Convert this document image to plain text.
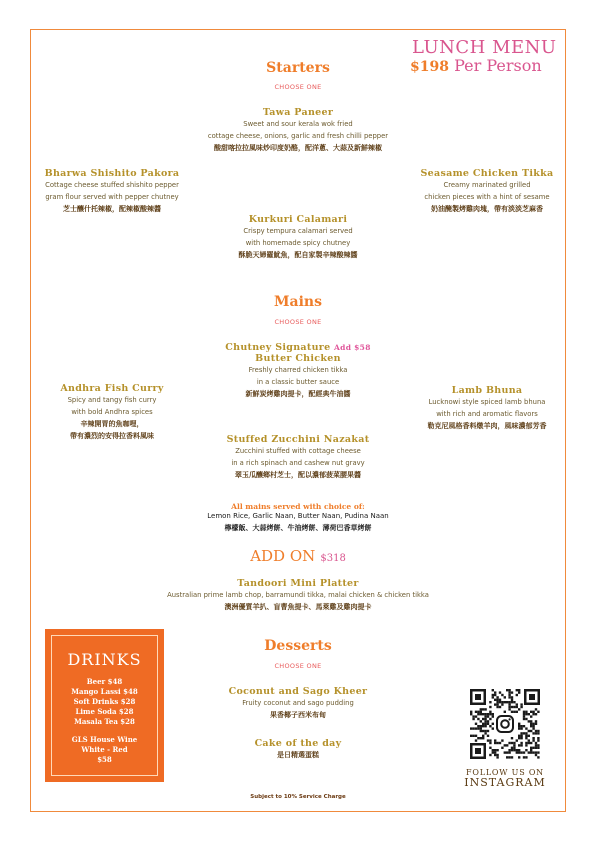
LUNCH MENU
$198 Per Person
Starters
CHOOSE ONE
Tawa Paneer
Sweet and sour kerala wok fried
cottage cheese, onions, garlic and fresh chilli pepper
酸甜喀拉拉風味炒印度奶酪，配洋蔥、大蒜及新鮮辣椒
Bharwa Shishito Pakora
Cottage cheese stuffed shishito pepper
gram flour served with pepper chutney
芝士釀什托辣椒，配辣椒酸辣醬
Seasame Chicken Tikka
Creamy marinated grilled
chicken pieces with a hint of sesame
奶油醃製烤雞肉塊，帶有淡淡芝麻香
Kurkuri Calamari
Crispy tempura calamari served
with homemade spicy chutney
酥脆天婦羅魷魚，配自家製辛辣酸辣醬
Mains
CHOOSE ONE
Chutney Signature Add $58
Butter Chicken
Freshly charred chicken tikka
in a classic butter sauce
新鮮炭烤雞肉提卡，配經典牛油醬
Andhra Fish Curry
Spicy and tangy fish curry
with bold Andhra spices
辛辣開胃的魚咖哩，
帶有濃烈的安得拉香料風味
Lamb Bhuna
Lucknowi style spiced lamb bhuna
with rich and aromatic flavors
勒克尼風格香料燉羊肉，風味濃郁芳香
Stuffed Zucchini Nazakat
Zucchini stuffed with cottage cheese
in a rich spinach and cashew nut gravy
翠玉瓜釀鄉村芝士，配以濃郁菠菜腰果醬
All mains served with choice of:
Lemon Rice, Garlic Naan, Butter Naan, Pudina Naan
檸檬飯、大蒜烤餅、牛油烤餅、薄荷巴香草烤餅
ADD ON $318
Tandoori Mini Platter
Australian prime lamb chop, barramundi tikka, malai chicken & chicken tikka
澳洲優質羊扒、盲曹魚提卡、馬萊雞及雞肉提卡
Desserts
CHOOSE ONE
Coconut and Sago Kheer
Fruity coconut and sago pudding
果香椰子西米布甸
Cake of the day
是日精選蛋糕
DRINKS
Beer $48
Mango Lassi $48
Soft Drinks $28
Lime Soda $28
Masala Tea $28
GLS House Wine
White - Red
$58
FOLLOW US ON
INSTAGRAM
Subject to 10% Service Charge
